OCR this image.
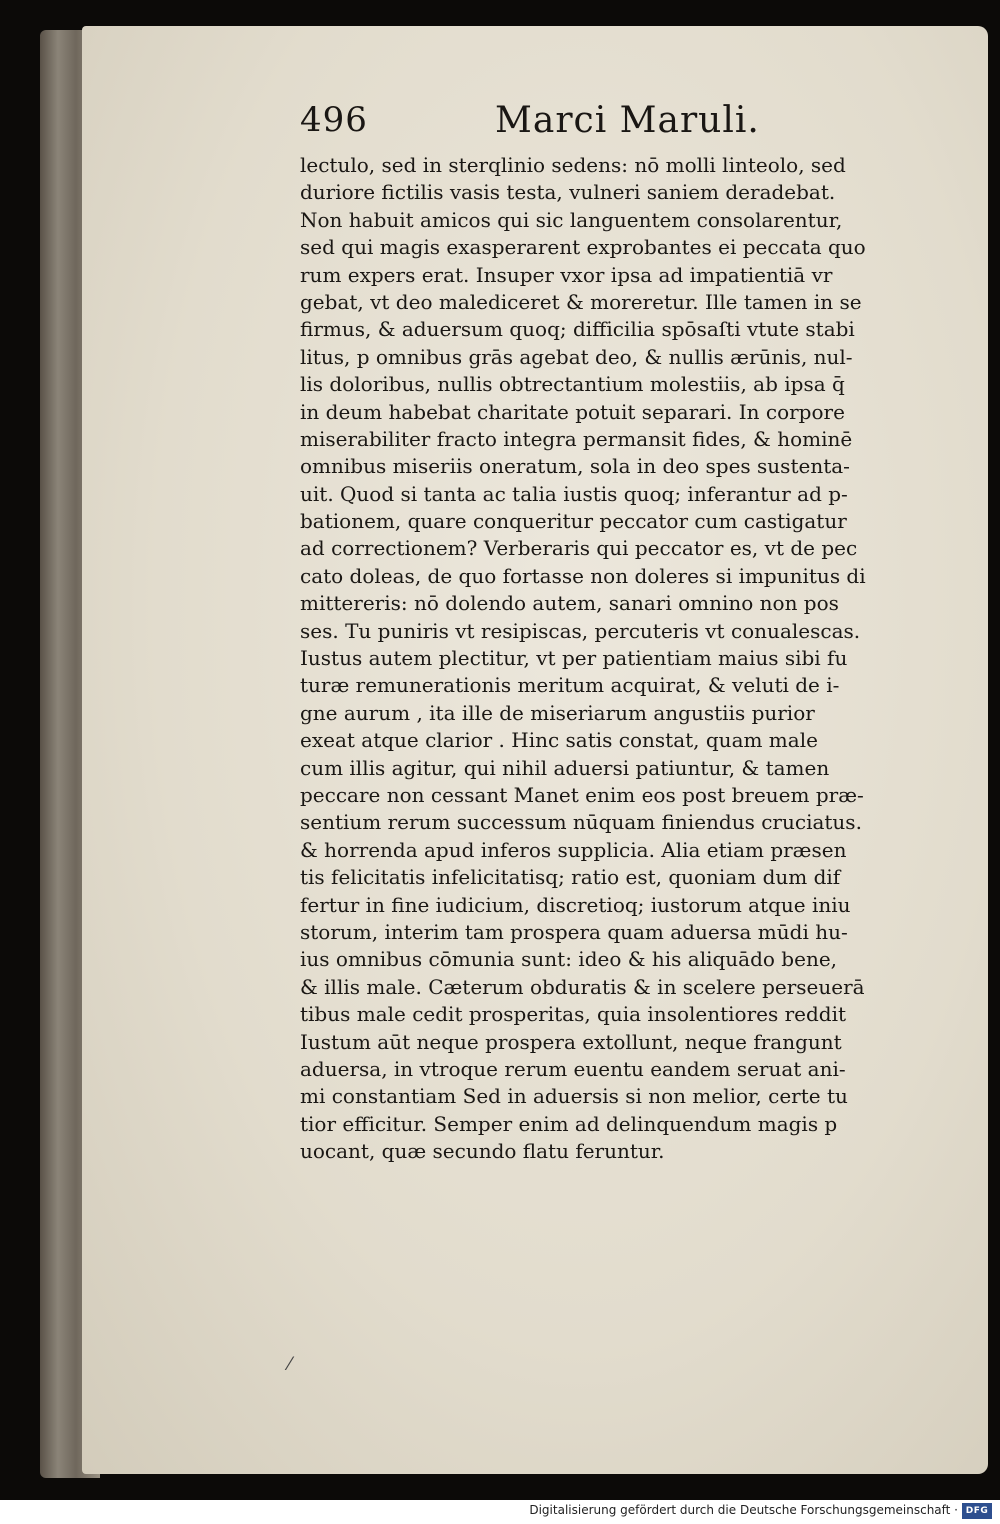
496	Marci Maruli.
lectulo, sed in sterqlinio sedens: nō molli linteolo, sed
duriore fictilis vasis testa, vulneri saniem deradebat.
Non habuit amicos qui sic languentem consolarentur,
sed qui magis exasperarent exprobantes ei peccata quo
rum expers erat. Insuper vxor ipsa ad impatientiā vr
gebat, vt deo malediceret & moreretur. Ille tamen in se
firmus, & aduersum quoq; difficilia spōsaſti vtute stabi
litus, p omnibus grās agebat deo, & nullis ærūnis, nul-
lis doloribus, nullis obtrectantium molestiis, ab ipsa q̄
in deum habebat charitate potuit separari. In corpore
miserabiliter fracto integra permansit fides, & hominē
omnibus miseriis oneratum, sola in deo spes sustenta-
uit. Quod si tanta ac talia iustis quoq; inferantur ad p-
bationem, quare conqueritur peccator cum castigatur
ad correctionem? Verberaris qui peccator es, vt de pec
cato doleas, de quo fortasse non doleres si impunitus di
mittereris: nō dolendo autem, sanari omnino non pos
ses. Tu puniris vt resipiscas, percuteris vt conualescas.
Iustus autem plectitur, vt per patientiam maius sibi fu
turæ remunerationis meritum acquirat, & veluti de i-
gne aurum , ita ille de miseriarum angustiis purior
exeat atque clarior . Hinc satis constat, quam male
cum illis agitur, qui nihil aduersi patiuntur, & tamen
peccare non cessant Manet enim eos post breuem præ-
sentium rerum successum nūquam finiendus cruciatus.
& horrenda apud inferos supplicia. Alia etiam præsen
tis felicitatis infelicitatisq; ratio est, quoniam dum dif
fertur in fine iudicium, discretioq; iustorum atque iniu
storum, interim tam prospera quam aduersa mūdi hu-
ius omnibus cōmunia sunt: ideo & his aliquādo bene,
& illis male. Cæterum obduratis & in scelere perseuerā
tibus male cedit prosperitas, quia insolentiores reddit
Iustum aūt neque prospera extollunt, neque frangunt
aduersa, in vtroque rerum euentu eandem seruat ani-
mi constantiam Sed in aduersis si non melior, certe tu
tior efficitur. Semper enim ad delinquendum magis p
uocant, quæ secundo flatu feruntur.
⁄
Digitalisierung gefördert durch die Deutsche Forschungsgemeinschaft · DFG
